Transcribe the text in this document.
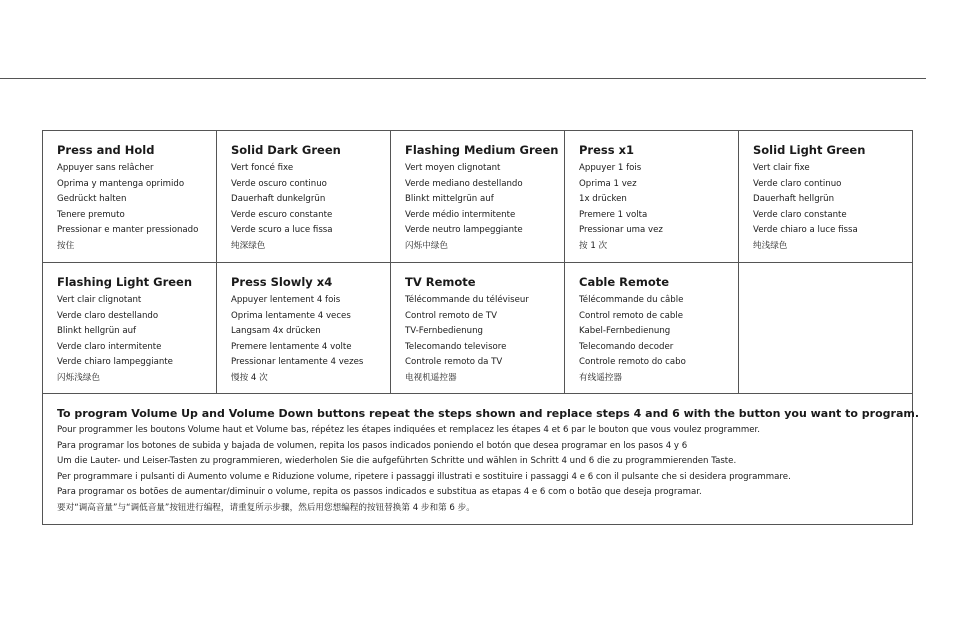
Press and Hold

Appuyer sans relâcher

Oprima y mantenga oprimido

Gedrückt halten

Tenere premuto

Pressionar e manter pressionado

按住

Solid Dark Green

Vert foncé fixe

Verde oscuro continuo

Dauerhaft dunkelgrün

Verde escuro constante

Verde scuro a luce fissa

纯深绿色

Flashing Medium Green

Vert moyen clignotant

Verde mediano destellando

Blinkt mittelgrün auf

Verde médio intermitente

Verde neutro lampeggiante

闪烁中绿色

Press x1

Appuyer 1 fois

Oprima 1 vez

1x drücken

Premere 1 volta

Pressionar uma vez

按 1 次

Solid Light Green

Vert clair fixe

Verde claro continuo

Dauerhaft hellgrün

Verde claro constante

Verde chiaro a luce fissa

纯浅绿色

Flashing Light Green

Vert clair clignotant

Verde claro destellando

Blinkt hellgrün auf

Verde claro intermitente

Verde chiaro lampeggiante

闪烁浅绿色

Press Slowly x4

Appuyer lentement 4 fois

Oprima lentamente 4 veces

Langsam 4x drücken

Premere lentamente 4 volte

Pressionar lentamente 4 vezes

慢按 4 次

TV Remote

Télécommande du téléviseur

Control remoto de TV

TV-Fernbedienung

Telecomando televisore

Controle remoto da TV

电视机遥控器

Cable Remote

Télécommande du câble

Control remoto de cable

Kabel-Fernbedienung

Telecomando decoder

Controle remoto do cabo

有线遥控器

To program Volume Up and Volume Down buttons repeat the steps shown and replace steps 4 and 6 with the button you want to program.

Pour programmer les boutons Volume haut et Volume bas, répétez les étapes indiquées et remplacez les étapes 4 et 6 par le bouton que vous voulez programmer.

Para programar los botones de subida y bajada de volumen, repita los pasos indicados poniendo el botón que desea programar en los pasos 4 y 6

Um die Lauter- und Leiser-Tasten zu programmieren, wiederholen Sie die aufgeführten Schritte und wählen in Schritt 4 und 6 die zu programmierenden Taste.

Per programmare i pulsanti di Aumento volume e Riduzione volume, ripetere i passaggi illustrati e sostituire i passaggi 4 e 6 con il pulsante che si desidera programmare.

Para programar os botões de aumentar/diminuir o volume, repita os passos indicados e substitua as etapas 4 e 6 com o botão que deseja programar.

要对“调高音量”与“调低音量”按钮进行编程，请重复所示步骤，然后用您想编程的按钮替换第 4 步和第 6 步。
